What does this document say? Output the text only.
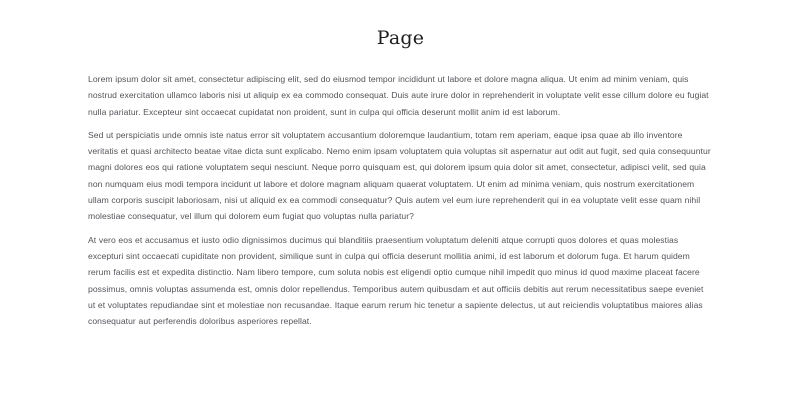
Page

Lorem ipsum dolor sit amet, consectetur adipiscing elit, sed do eiusmod tempor incididunt ut labore et dolore magna aliqua. Ut enim ad minim veniam, quis nostrud exercitation ullamco laboris nisi ut aliquip ex ea commodo consequat. Duis aute irure dolor in reprehenderit in voluptate velit esse cillum dolore eu fugiat nulla pariatur. Excepteur sint occaecat cupidatat non proident, sunt in culpa qui officia deserunt mollit anim id est laborum.

Sed ut perspiciatis unde omnis iste natus error sit voluptatem accusantium doloremque laudantium, totam rem aperiam, eaque ipsa quae ab illo inventore veritatis et quasi architecto beatae vitae dicta sunt explicabo. Nemo enim ipsam voluptatem quia voluptas sit aspernatur aut odit aut fugit, sed quia consequuntur magni dolores eos qui ratione voluptatem sequi nesciunt. Neque porro quisquam est, qui dolorem ipsum quia dolor sit amet, consectetur, adipisci velit, sed quia non numquam eius modi tempora incidunt ut labore et dolore magnam aliquam quaerat voluptatem. Ut enim ad minima veniam, quis nostrum exercitationem ullam corporis suscipit laboriosam, nisi ut aliquid ex ea commodi consequatur? Quis autem vel eum iure reprehenderit qui in ea voluptate velit esse quam nihil molestiae consequatur, vel illum qui dolorem eum fugiat quo voluptas nulla pariatur?

At vero eos et accusamus et iusto odio dignissimos ducimus qui blanditiis praesentium voluptatum deleniti atque corrupti quos dolores et quas molestias excepturi sint occaecati cupiditate non provident, similique sunt in culpa qui officia deserunt mollitia animi, id est laborum et dolorum fuga. Et harum quidem rerum facilis est et expedita distinctio. Nam libero tempore, cum soluta nobis est eligendi optio cumque nihil impedit quo minus id quod maxime placeat facere possimus, omnis voluptas assumenda est, omnis dolor repellendus. Temporibus autem quibusdam et aut officiis debitis aut rerum necessitatibus saepe eveniet ut et voluptates repudiandae sint et molestiae non recusandae. Itaque earum rerum hic tenetur a sapiente delectus, ut aut reiciendis voluptatibus maiores alias consequatur aut perferendis doloribus asperiores repellat.
